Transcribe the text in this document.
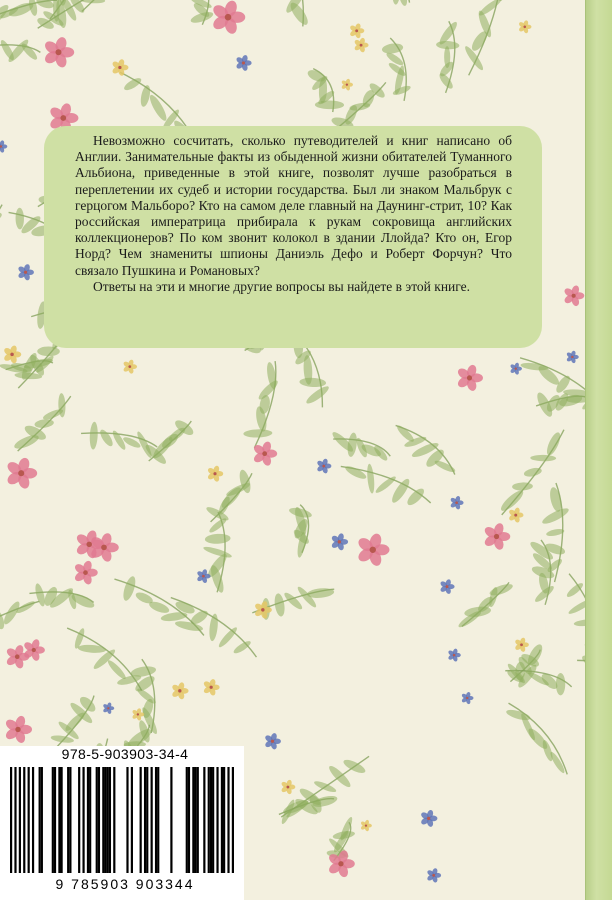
Невозможно сосчитать, сколько путеводителей и книг написано об Англии. Занимательные факты из обыденной жизни обитателей Туманного Альбиона, приведенные в этой книге, позволят лучше разобраться в переплетении их судеб и истории государства. Был ли знаком Мальбрук с герцогом Мальборо? Кто на самом деле главный на Даунинг-стрит, 10? Как российская императрица прибирала к рукам сокровища английских коллекционеров? По ком звонит колокол в здании Ллойда? Кто он, Егор Норд? Чем знамениты шпионы Даниэль Дефо и Роберт Форчун? Что связало Пушкина и Романовых?

Ответы на эти и многие другие вопросы вы найдете в этой книге.

978-5-903903-34-4
9 785903 903344
